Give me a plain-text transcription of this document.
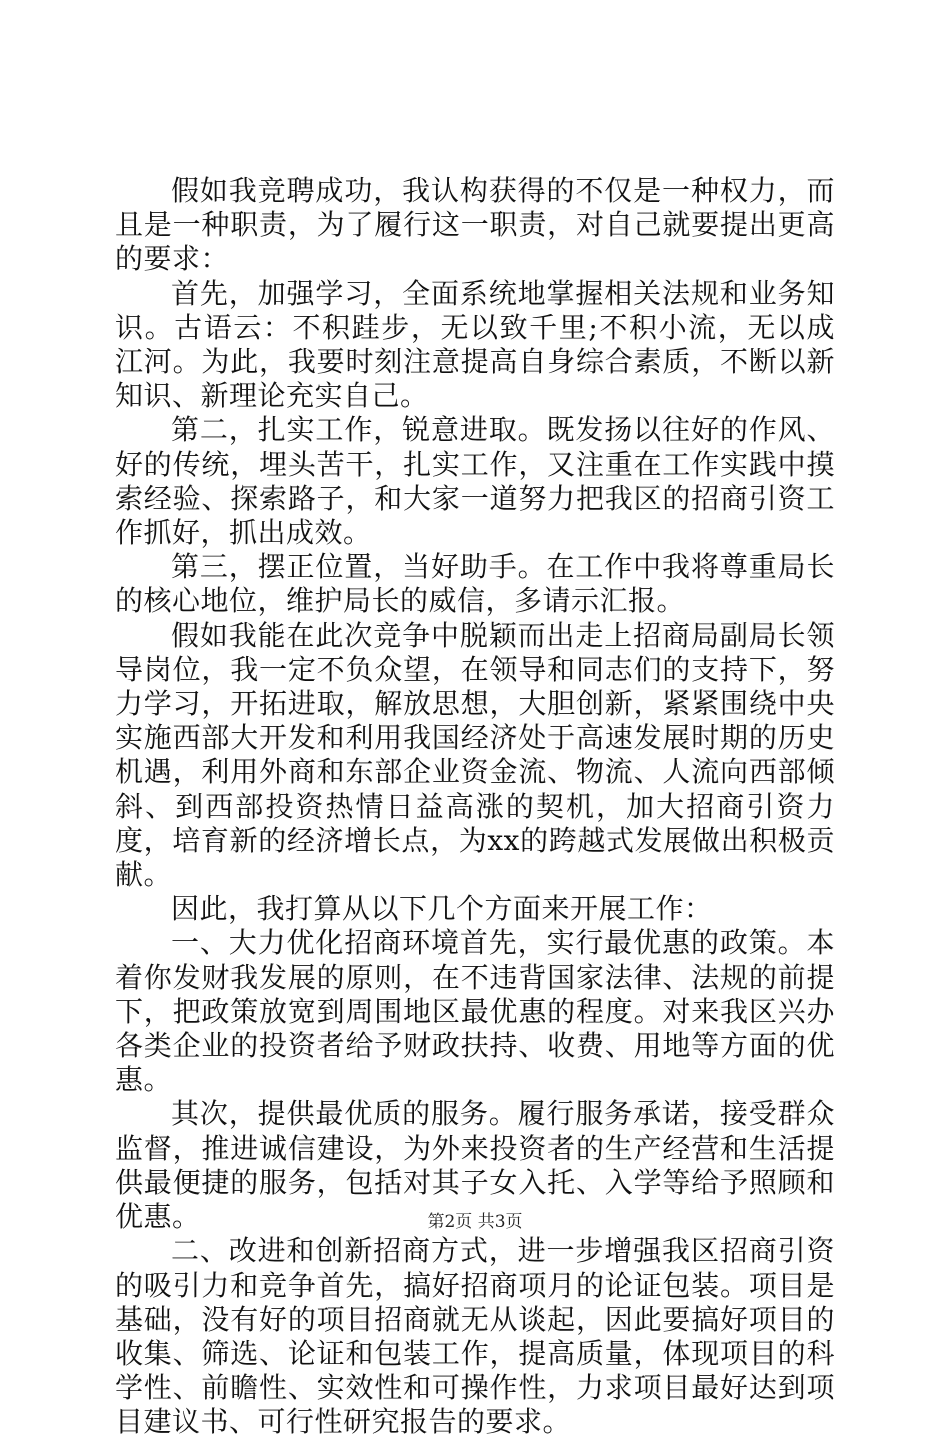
假如我竞聘成功，我认构获得的不仅是一种权力，而且是一种职责，为了履行这一职责，对自己就要提出更高的要求：

首先，加强学习，全面系统地掌握相关法规和业务知识。古语云：不积跬步，无以致千里;不积小流，无以成江河。为此，我要时刻注意提高自身综合素质，不断以新知识、新理论充实自己。

第二，扎实工作，锐意进取。既发扬以往好的作风、好的传统，埋头苦干，扎实工作，又注重在工作实践中摸索经验、探索路子，和大家一道努力把我区的招商引资工作抓好，抓出成效。

第三，摆正位置，当好助手。在工作中我将尊重局长的核心地位，维护局长的威信，多请示汇报。

假如我能在此次竞争中脱颖而出走上招商局副局长领导岗位，我一定不负众望，在领导和同志们的支持下，努力学习，开拓进取，解放思想，大胆创新，紧紧围绕中央实施西部大开发和利用我国经济处于高速发展时期的历史机遇，利用外商和东部企业资金流、物流、人流向西部倾斜、到西部投资热情日益高涨的契机，加大招商引资力度，培育新的经济增长点，为xx的跨越式发展做出积极贡献。

因此，我打算从以下几个方面来开展工作：

一、大力优化招商环境首先，实行最优惠的政策。本着你发财我发展的原则，在不违背国家法律、法规的前提下，把政策放宽到周围地区最优惠的程度。对来我区兴办各类企业的投资者给予财政扶持、收费、用地等方面的优惠。

其次，提供最优质的服务。履行服务承诺，接受群众监督，推进诚信建设，为外来投资者的生产经营和生活提供最便捷的服务，包括对其子女入托、入学等给予照顾和优惠。

二、改进和创新招商方式，进一步增强我区招商引资的吸引力和竞争首先，搞好招商项月的论证包装。项目是基础，没有好的项目招商就无从谈起，因此要搞好项目的收集、筛选、论证和包装工作，提高质量，体现项目的科学性、前瞻性、实效性和可操作性，力求项目最好达到项目建议书、可行性研究报告的要求。

第2页 共3页
